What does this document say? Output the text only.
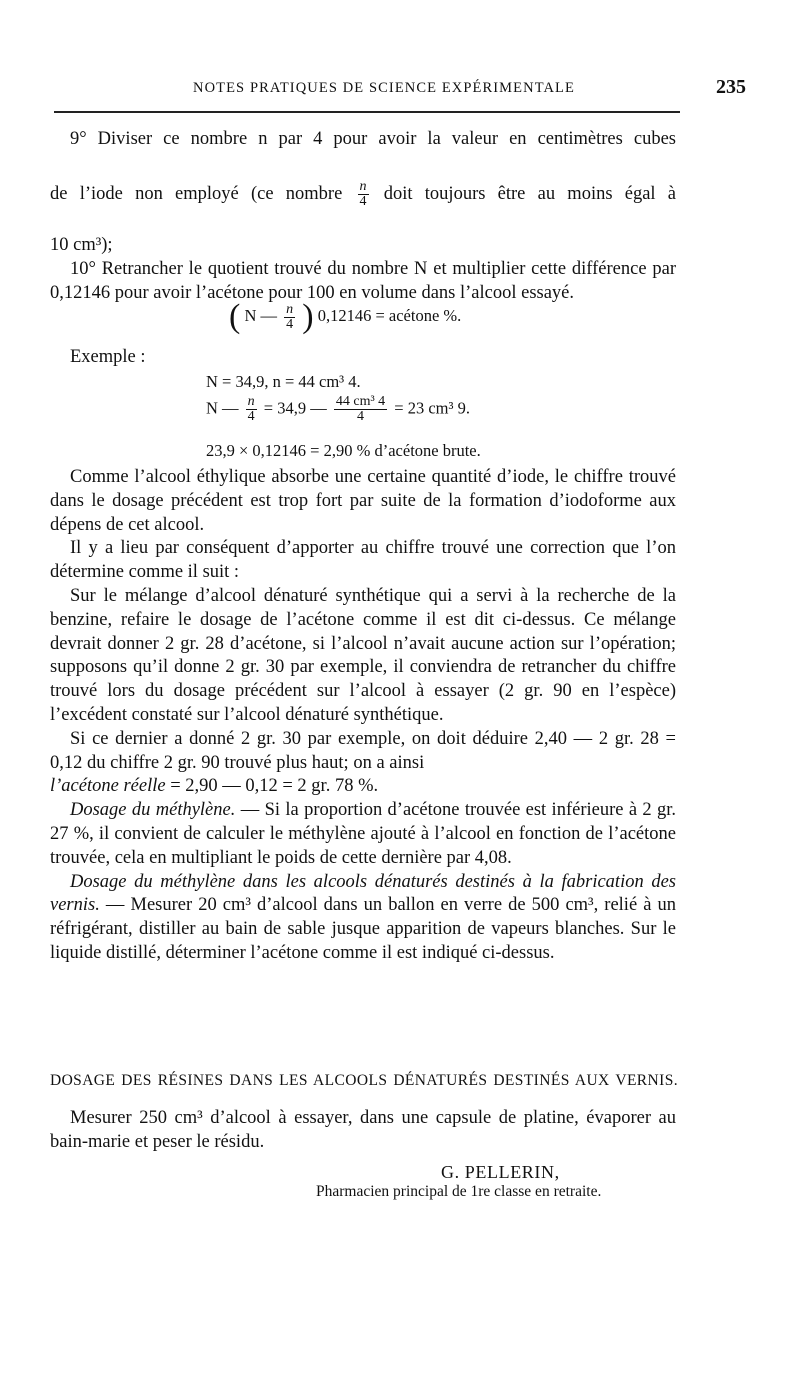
NOTES PRATIQUES DE SCIENCE EXPÉRIMENTALE	235

9° Diviser ce nombre n par 4 pour avoir la valeur en centimètres cubes

de l’iode non employé (ce nombre $\frac{n}{4}$ doit toujours être au moins égal à

10 cm³);

10° Retrancher le quotient trouvé du nombre N et multiplier cette différence par 0,12146 pour avoir l’acétone pour 100 en volume dans l’alcool essayé.

( N — $\frac{n}{4}$ ) 0,12146 = acétone %.
Exemple :
N = 34,9, n = 44 cm³ 4.
N — $\frac{n}{4} = 34,9$ — $\frac{\text{44 cm³ 4}}{4} = 23$ cm³ 9.
23,9 × 0,12146 = 2,90 % d’acétone brute.

Comme l’alcool éthylique absorbe une certaine quantité d’iode, le chiffre trouvé dans le dosage précédent est trop fort par suite de la formation d’iodoforme aux dépens de cet alcool.

Il y a lieu par conséquent d’apporter au chiffre trouvé une correction que l’on détermine comme il suit :

Sur le mélange d’alcool dénaturé synthétique qui a servi à la recherche de la benzine, refaire le dosage de l’acétone comme il est dit ci-dessus. Ce mélange devrait donner 2 gr. 28 d’acétone, si l’alcool n’avait aucune action sur l’opération; supposons qu’il donne 2 gr. 30 par exemple, il conviendra de retrancher du chiffre trouvé lors du dosage précédent sur l’alcool à essayer (2 gr. 90 en l’espèce) l’excédent constaté sur l’alcool dénaturé synthétique.

Si ce dernier a donné 2 gr. 30 par exemple, on doit déduire 2,40 — 2 gr. 28 = 0,12 du chiffre 2 gr. 90 trouvé plus haut; on a ainsi

l’acétone réelle = 2,90 — 0,12 = 2 gr. 78 %.

Dosage du méthylène. — Si la proportion d’acétone trouvée est inférieure à 2 gr. 27 %, il convient de calculer le méthylène ajouté à l’alcool en fonction de l’acétone trouvée, cela en multipliant le poids de cette dernière par 4,08.

Dosage du méthylène dans les alcools dénaturés destinés à la fabrication des vernis. — Mesurer 20 cm³ d’alcool dans un ballon en verre de 500 cm³, relié à un réfrigérant, distiller au bain de sable jusque apparition de vapeurs blanches. Sur le liquide distillé, déterminer l’acétone comme il est indiqué ci-dessus.

DOSAGE DES RÉSINES DANS LES ALCOOLS DÉNATURÉS DESTINÉS AUX VERNIS.

Mesurer 250 cm³ d’alcool à essayer, dans une capsule de platine, évaporer au bain-marie et peser le résidu.

G. PELLERIN,
Pharmacien principal de 1re classe en retraite.
